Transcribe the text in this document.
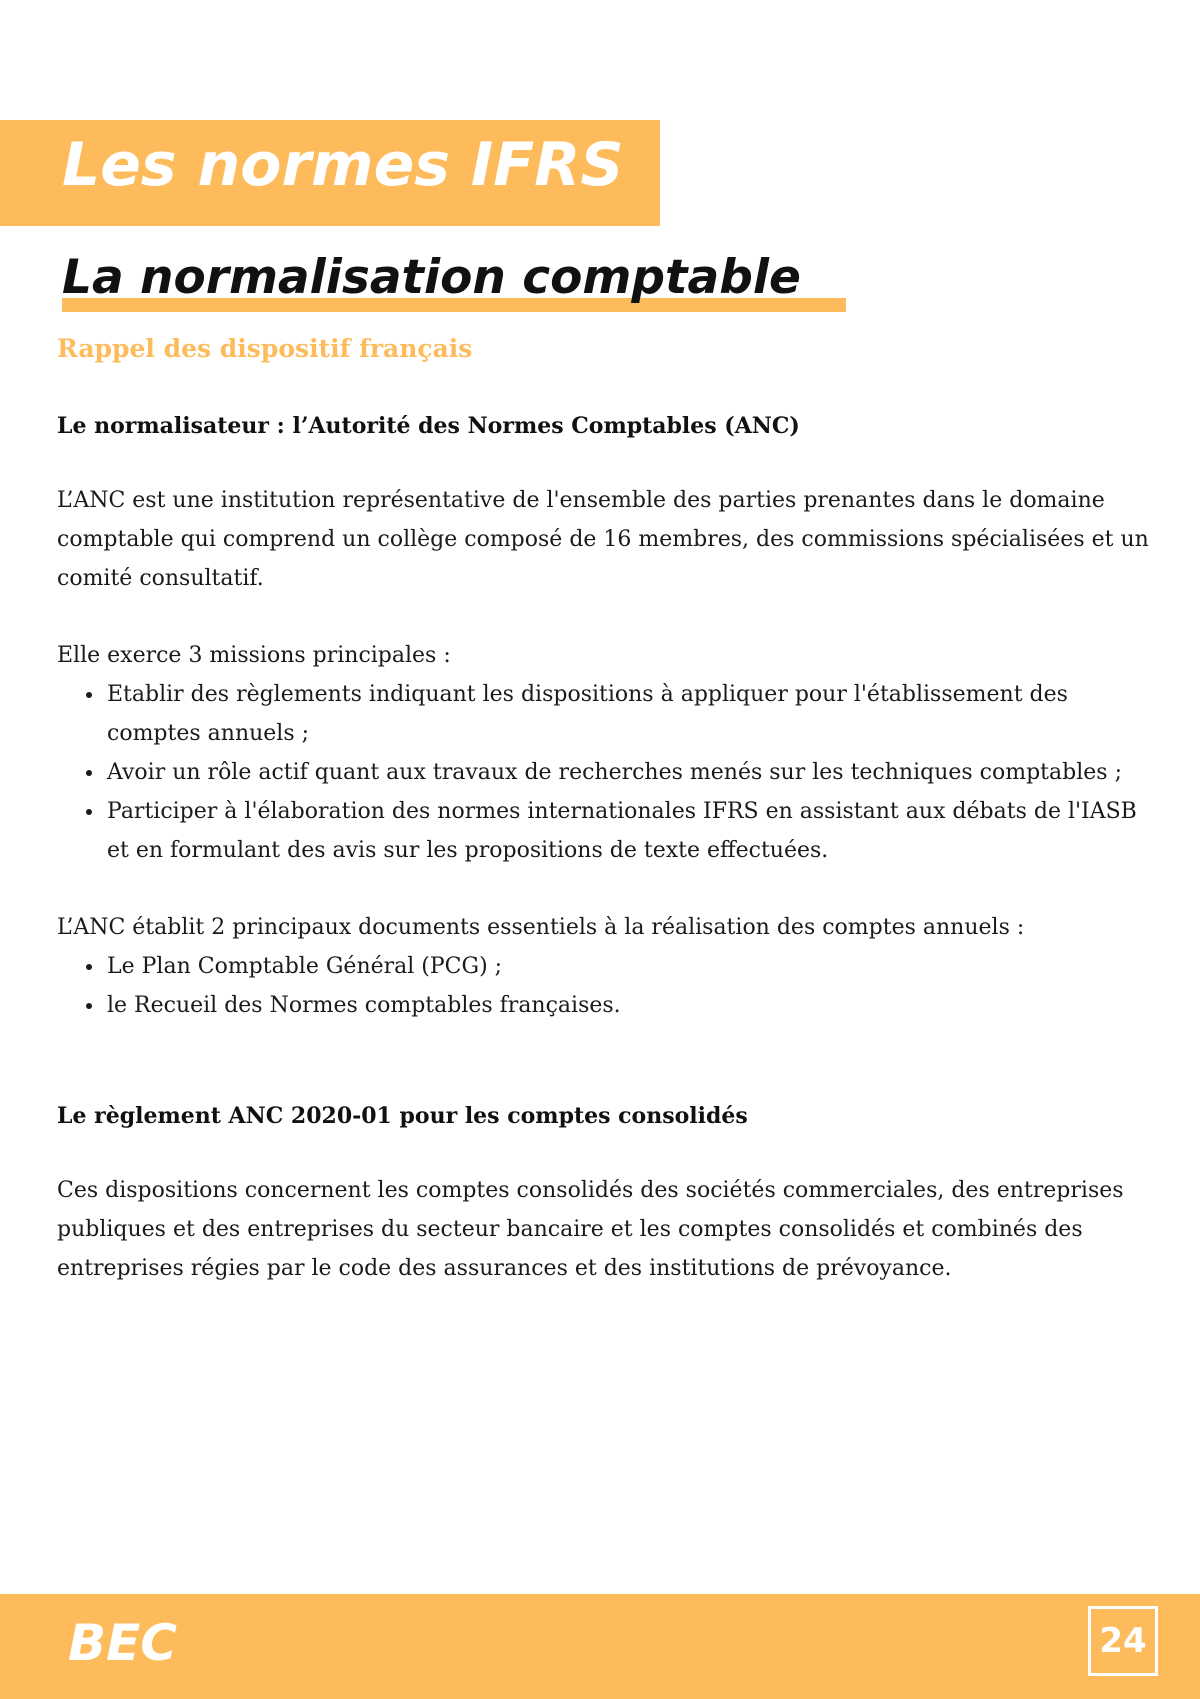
Les normes IFRS
La normalisation comptable

Rappel des dispositif français

Le normalisateur : l’Autorité des Normes Comptables (ANC)

L’ANC est une institution représentative de l'ensemble des parties prenantes dans le domaine comptable qui comprend un collège composé de 16 membres, des commissions spécialisées et un comité consultatif.

Elle exerce 3 missions principales :

• Etablir des règlements indiquant les dispositions à appliquer pour l'établissement des comptes annuels ;
• Avoir un rôle actif quant aux travaux de recherches menés sur les techniques comptables ;
• Participer à l'élaboration des normes internationales IFRS en assistant aux débats de l'IASB et en formulant des avis sur les propositions de texte effectuées.

L’ANC établit 2 principaux documents essentiels à la réalisation des comptes annuels :

• Le Plan Comptable Général (PCG) ;
• le Recueil des Normes comptables françaises.

Le règlement ANC 2020-01 pour les comptes consolidés

Ces dispositions concernent les comptes consolidés des sociétés commerciales, des entreprises publiques et des entreprises du secteur bancaire et les comptes consolidés et combinés des entreprises régies par le code des assurances et des institutions de prévoyance.

BEC	24
